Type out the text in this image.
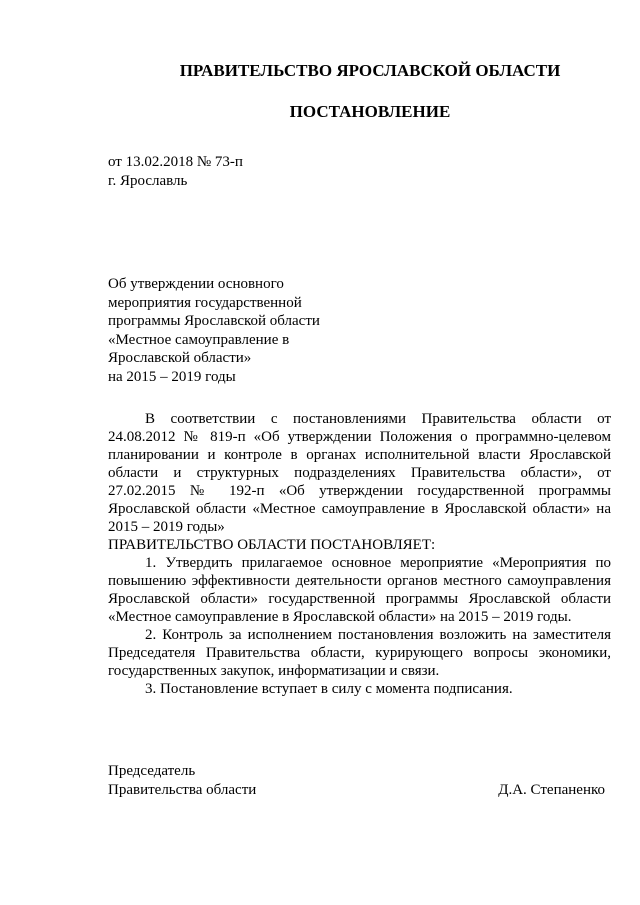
ПРАВИТЕЛЬСТВО ЯРОСЛАВСКОЙ ОБЛАСТИ
ПОСТАНОВЛЕНИЕ
от 13.02.2018 № 73-п
г. Ярославль
Об утверждении основного
мероприятия государственной
программы Ярославской области
«Местное самоуправление в
Ярославской области»
на 2015 – 2019 годы

В соответствии с постановлениями Правительства области от 24.08.2012 № 819-п «Об утверждении Положения о программно-целевом планировании и контроле в органах исполнительной власти Ярославской области и структурных подразделениях Правительства области», от 27.02.2015 № 192-п «Об утверждении государственной программы Ярославской области «Местное самоуправление в Ярославской области» на 2015 – 2019 годы»

ПРАВИТЕЛЬСТВО ОБЛАСТИ ПОСТАНОВЛЯЕТ:

1. Утвердить прилагаемое основное мероприятие «Мероприятия по повышению эффективности деятельности органов местного самоуправления Ярославской области» государственной программы Ярославской области «Местное самоуправление в Ярославской области» на 2015 – 2019 годы.

2. Контроль за исполнением постановления возложить на заместителя Председателя Правительства области, курирующего вопросы экономики, государственных закупок, информатизации и связи.

3. Постановление вступает в силу с момента подписания.

Председатель
Правительства области	Д.А. Степаненко
